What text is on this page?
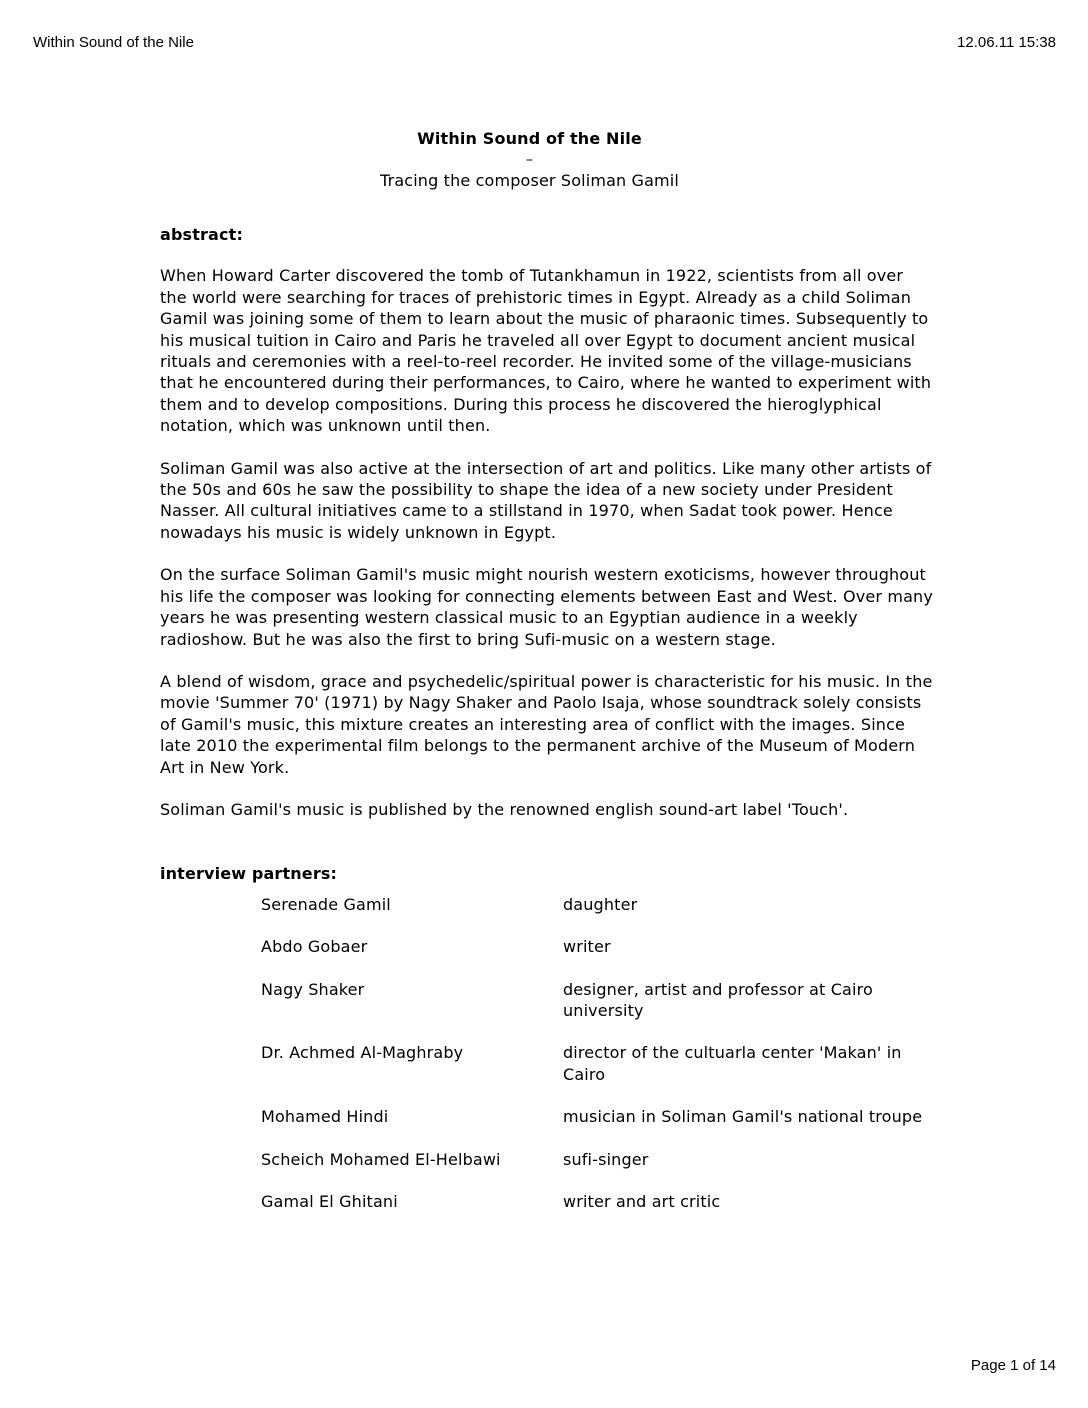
Within Sound of the Nile	12.06.11 15:38

Within Sound of the Nile

–

Tracing the composer Soliman Gamil

abstract:

When Howard Carter discovered the tomb of Tutankhamun in 1922, scientists from all over the world were searching for traces of prehistoric times in Egypt. Already as a child Soliman Gamil was joining some of them to learn about the music of pharaonic times. Subsequently to his musical tuition in Cairo and Paris he traveled all over Egypt to document ancient musical rituals and ceremonies with a reel-to-reel recorder. He invited some of the village-musicians that he encountered during their performances, to Cairo, where he wanted to experiment with them and to develop compositions. During this process he discovered the hieroglyphical notation, which was unknown until then.

Soliman Gamil was also active at the intersection of art and politics. Like many other artists of the 50s and 60s he saw the possibility to shape the idea of a new society under President Nasser. All cultural initiatives came to a stillstand in 1970, when Sadat took power. Hence nowadays his music is widely unknown in Egypt.

On the surface Soliman Gamil's music might nourish western exoticisms, however throughout his life the composer was looking for connecting elements between East and West. Over many years he was presenting western classical music to an Egyptian audience in a weekly radioshow. But he was also the first to bring Sufi-music on a western stage.

A blend of wisdom, grace and psychedelic/spiritual power is characteristic for his music. In the movie 'Summer 70' (1971) by Nagy Shaker and Paolo Isaja, whose soundtrack solely consists of Gamil's music, this mixture creates an interesting area of conflict with the images. Since late 2010 the experimental film belongs to the permanent archive of the Museum of Modern Art in New York.

Soliman Gamil's music is published by the renowned english sound-art label 'Touch'.

interview partners:

Serenade Gamil	daughter
Abdo Gobaer	writer
Nagy Shaker	designer, artist and professor at Cairo university
Dr. Achmed Al-Maghraby	director of the cultuarla center 'Makan' in Cairo
Mohamed Hindi	musician in Soliman Gamil's national troupe
Scheich Mohamed El-Helbawi	sufi-singer
Gamal El Ghitani	writer and art critic
Page 1 of 14
